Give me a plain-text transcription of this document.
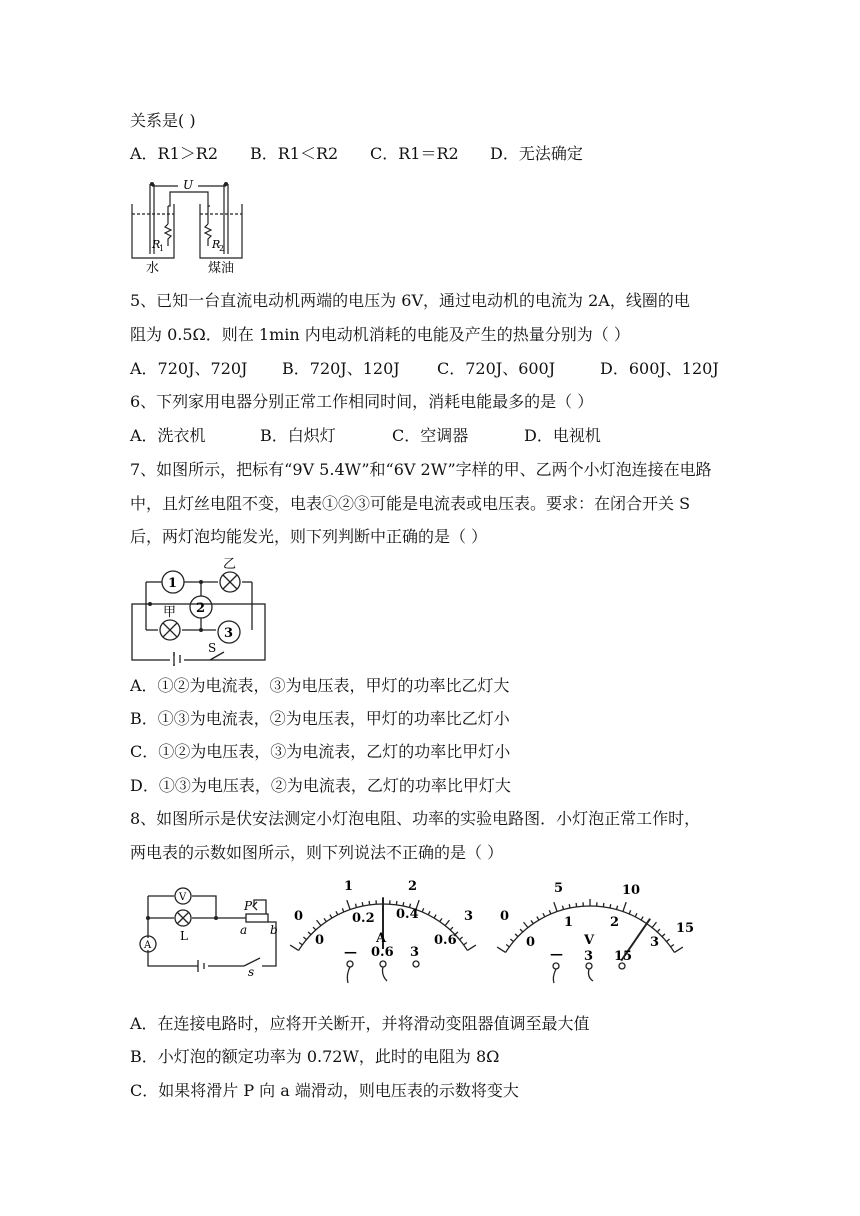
关系是( )
A．R1＞R2 B．R1＜R2 C．R1＝R2 D．无法确定
U
R
1	R
2
水	煤油
5、已知一台直流电动机两端的电压为 6V，通过电动机的电流为 2A，线圈的电
阻为 0.5Ω．则在 1min 内电动机消耗的电能及产生的热量分别为（ ）
A．720J、720J B．720J、120J C．720J、600J	D．600J、120J
6、下列家用电器分别正常工作相同时间，消耗电能最多的是（ ）
A．洗衣机	B．白炽灯	C．空调器	D．电视机
7、如图所示，把标有“9V 5.4W”和“6V 2W”字样的甲、乙两个小灯泡连接在电路
中，且灯丝电阻不变，电表①②③可能是电流表或电压表。要求：在闭合开关 S
后，两灯泡均能发光，则下列判断中正确的是（ ）
1
2
3
乙
甲
S
A．①②为电流表，③为电压表，甲灯的功率比乙灯大
B．①③为电流表，②为电压表，甲灯的功率比乙灯小
C．①②为电压表，③为电流表，乙灯的功率比甲灯小
D．①③为电压表，②为电流表，乙灯的功率比甲灯大
8、如图所示是伏安法测定小灯泡电阻、功率的实验电路图．小灯泡正常工作时，
两电表的示数如图所示，则下列说法不正确的是（ ）
V
A
L
P
a b
s
0
1	2
3
0
0.2 0.4
0.6
A
— 0.6 3
0
5	10
15
0
1	2
3
V
— 3 15
A．在连接电路时，应将开关断开，并将滑动变阻器值调至最大值
B．小灯泡的额定功率为 0.72W，此时的电阻为 8Ω
C．如果将滑片 P 向 a 端滑动，则电压表的示数将变大
